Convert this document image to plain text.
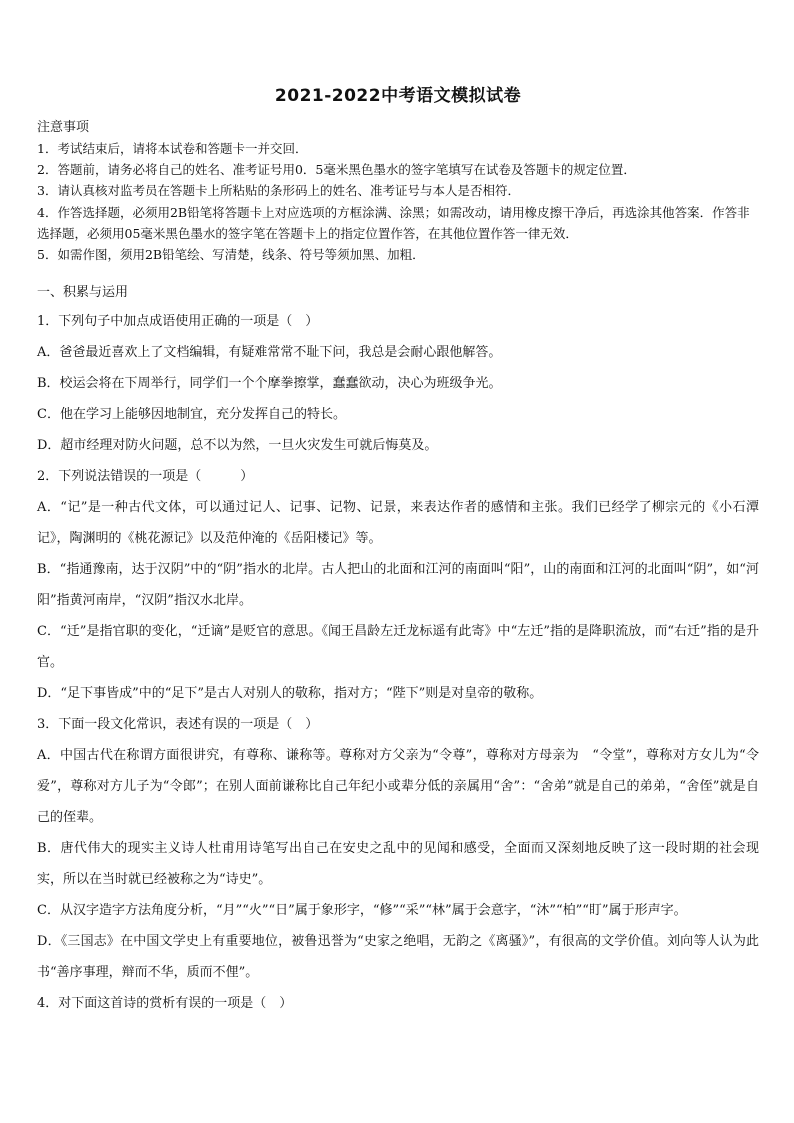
2021-2022中考语文模拟试卷
注意事项
1．考试结束后，请将本试卷和答题卡一并交回．
2．答题前，请务必将自己的姓名、准考证号用0．5毫米黑色墨水的签字笔填写在试卷及答题卡的规定位置．
3．请认真核对监考员在答题卡上所粘贴的条形码上的姓名、准考证号与本人是否相符．
4．作答选择题，必须用2B铅笔将答题卡上对应选项的方框涂满、涂黑；如需改动，请用橡皮擦干净后，再选涂其他答案．作答非选择题，必须用05毫米黑色墨水的签字笔在答题卡上的指定位置作答，在其他位置作答一律无效．
5．如需作图，须用2B铅笔绘、写清楚，线条、符号等须加黑、加粗．
一、积累与运用

1．下列句子中加点成语使用正确的一项是（　）

A．爸爸最近喜欢上了文档编辑，有疑难常常不耻下问，我总是会耐心跟他解答。

B．校运会将在下周举行，同学们一个个摩拳擦掌，蠢蠢欲动，决心为班级争光。

C．他在学习上能够因地制宜，充分发挥自己的特长。

D．超市经理对防火问题，总不以为然，一旦火灾发生可就后悔莫及。

2．下列说法错误的一项是（　　　）

A．“记”是一种古代文体，可以通过记人、记事、记物、记景，来表达作者的感情和主张。我们已经学了柳宗元的《小石潭记》，陶渊明的《桃花源记》以及范仲淹的《岳阳楼记》等。

B．“指通豫南，达于汉阴”中的“阴”指水的北岸。古人把山的北面和江河的南面叫“阳”，山的南面和江河的北面叫“阴”，如“河阳”指黄河南岸，“汉阴”指汉水北岸。

C．“迁”是指官职的变化，“迁谪”是贬官的意思。《闻王昌龄左迁龙标遥有此寄》中“左迁”指的是降职流放，而“右迁”指的是升官。

D．“足下事皆成”中的“足下”是古人对别人的敬称，指对方；“陛下”则是对皇帝的敬称。

3．下面一段文化常识，表述有误的一项是（　）

A．中国古代在称谓方面很讲究，有尊称、谦称等。尊称对方父亲为“令尊”，尊称对方母亲为　“令堂”，尊称对方女儿为“令爱”，尊称对方儿子为“令郎”；在别人面前谦称比自己年纪小或辈分低的亲属用“舍”：“舍弟”就是自己的弟弟，“舍侄”就是自己的侄辈。

B．唐代伟大的现实主义诗人杜甫用诗笔写出自己在安史之乱中的见闻和感受，全面而又深刻地反映了这一段时期的社会现实，所以在当时就已经被称之为“诗史”。

C．从汉字造字方法角度分析，“月”“火”“日”属于象形字，“修”“采”“林”属于会意字，“沐”“柏”“盯”属于形声字。

D．《三国志》在中国文学史上有重要地位，被鲁迅誉为“史家之绝唱，无韵之《离骚》”，有很高的文学价值。刘向等人认为此书“善序事理，辩而不华，质而不俚”。

4．对下面这首诗的赏析有误的一项是（　）
